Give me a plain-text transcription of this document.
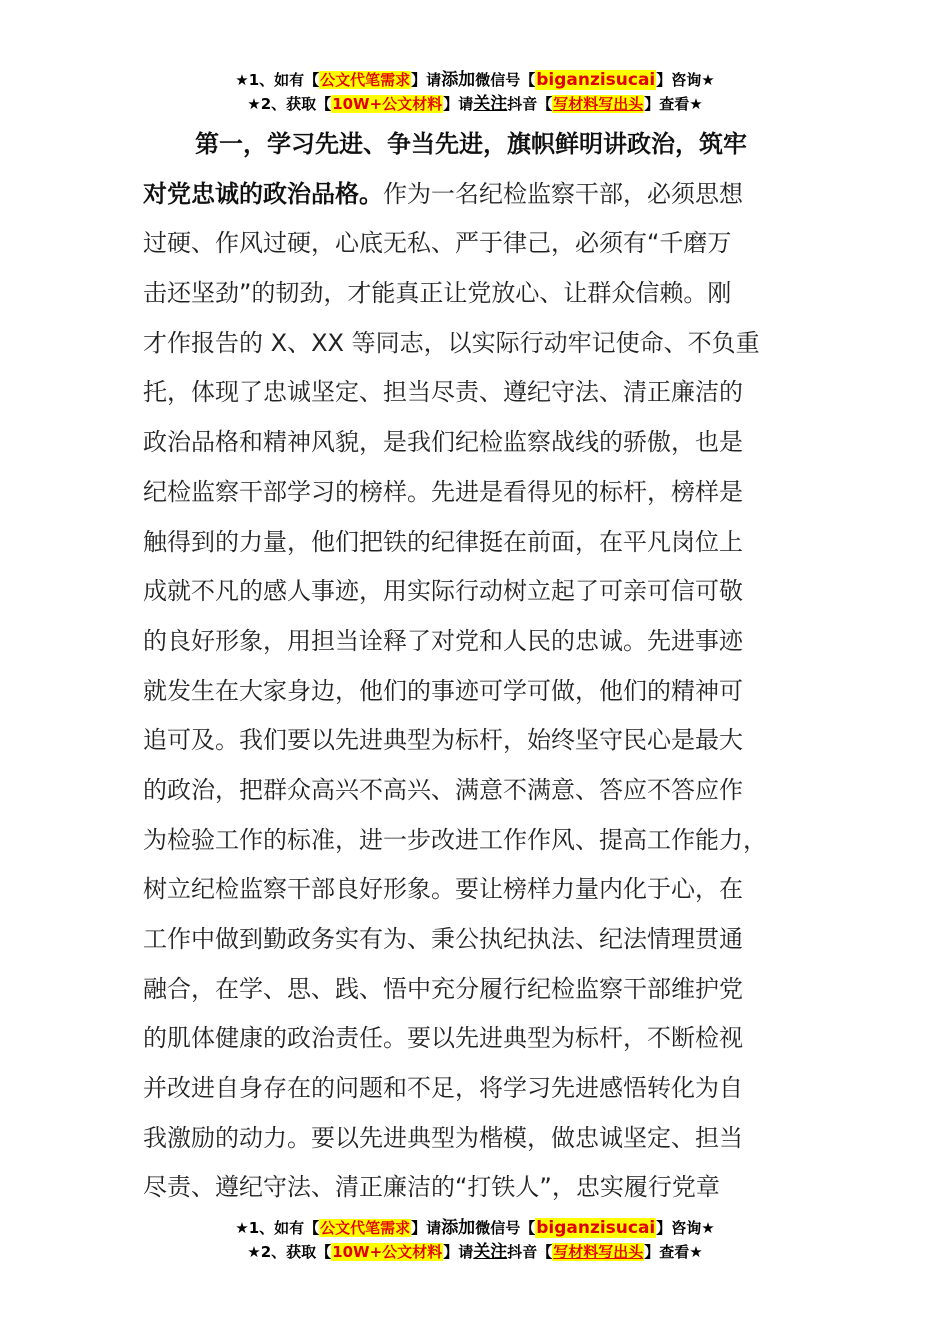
★1、如有【公文代笔需求】请添加微信号【biganzisucai】咨询★
★2、获取【10W+公文材料】请关注抖音【写材料写出头】查看★
第一，学习先进、争当先进，旗帜鲜明讲政治，筑牢
对党忠诚的政治品格。作为一名纪检监察干部，必须思想
过硬、作风过硬，心底无私、严于律己，必须有“千磨万
击还坚劲”的韧劲，才能真正让党放心、让群众信赖。刚
才作报告的 X、XX 等同志，以实际行动牢记使命、不负重
托，体现了忠诚坚定、担当尽责、遵纪守法、清正廉洁的
政治品格和精神风貌，是我们纪检监察战线的骄傲，也是
纪检监察干部学习的榜样。先进是看得见的标杆，榜样是
触得到的力量，他们把铁的纪律挺在前面，在平凡岗位上
成就不凡的感人事迹，用实际行动树立起了可亲可信可敬
的良好形象，用担当诠释了对党和人民的忠诚。先进事迹
就发生在大家身边，他们的事迹可学可做，他们的精神可
追可及。我们要以先进典型为标杆，始终坚守民心是最大
的政治，把群众高兴不高兴、满意不满意、答应不答应作
为检验工作的标准，进一步改进工作作风、提高工作能力，
树立纪检监察干部良好形象。要让榜样力量内化于心，在
工作中做到勤政务实有为、秉公执纪执法、纪法情理贯通
融合，在学、思、践、悟中充分履行纪检监察干部维护党
的肌体健康的政治责任。要以先进典型为标杆，不断检视
并改进自身存在的问题和不足，将学习先进感悟转化为自
我激励的动力。要以先进典型为楷模，做忠诚坚定、担当
尽责、遵纪守法、清正廉洁的“打铁人”，忠实履行党章
★1、如有【公文代笔需求】请添加微信号【biganzisucai】咨询★
★2、获取【10W+公文材料】请关注抖音【写材料写出头】查看★
